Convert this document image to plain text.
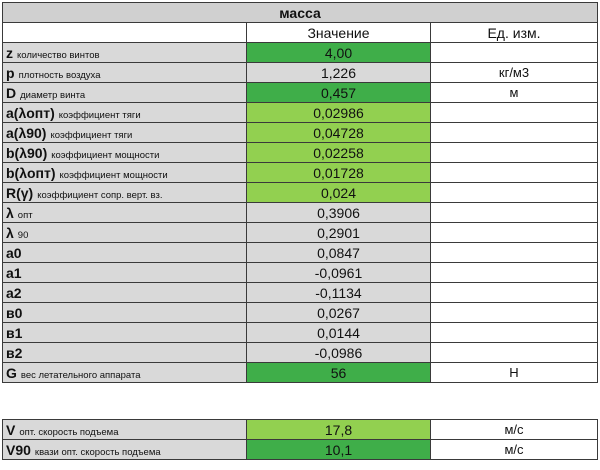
масса		
	Значение	Ед. изм.
z количество винтов	4,00	
p плотность воздуха	1,226	кг/м3
D диаметр винта	0,457	м
a(λопт) коэффициент тяги	0,02986	
a(λ90) коэффициент тяги	0,04728	
b(λ90) коэффициент мощности	0,02258	
b(λопт) коэффициент мощности	0,01728	
R(γ) коэффициент сопр. верт. вз.	0,024	
λ опт	0,3906	
λ 90	0,2901	
a0	0,0847	
a1	-0,0961	
a2	-0,1134	
в0	0,0267	
в1	0,0144	
в2	-0,0986	
G вес летательного аппарата	56	Н
V опт. скорость подъема	17,8	м/с
V90 квази опт. скорость подъема	10,1	м/с
